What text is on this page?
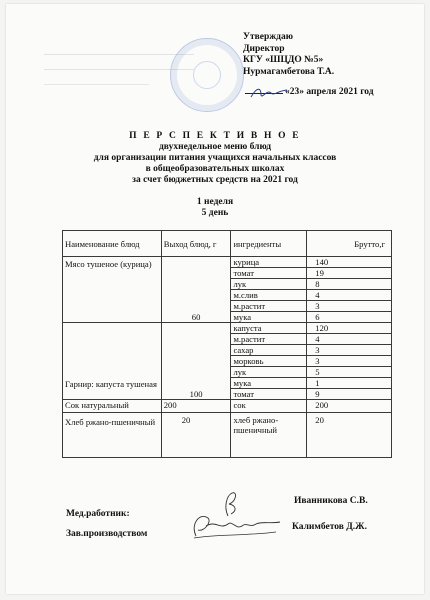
Утверждаю
Директор
КГУ «ШЦДО №5»
Нурмагамбетова Т.А.
«23» апреля 2021 год
П Е Р С П Е К Т И В Н О Е
двухнедельное меню блюд
для организации питания учащихся начальных классов
в общеобразовательных школах
за счет бюджетных средств на 2021 год
1 неделя
5 день
Наименование блюд	Выход блюд, г	ингредиенты	Брутто,г
Мясо тушеное (курица)	60	курица	140
		томат	19
		лук	8
		м.слив	4
		м.растит	3
		мука	6
Гарнир: капуста тушеная	100	капуста	120
		м.растит	4
		сахар	3
		морковь	3
		лук	5
		мука	1
		томат	9
Сок натуральный	200	сок	200
Хлеб ржано-пшеничный	20	хлеб ржано-пшеничный	20
Мед.работник:
Иванникова С.В.
Зав.производством
Калимбетов Д.Ж.
